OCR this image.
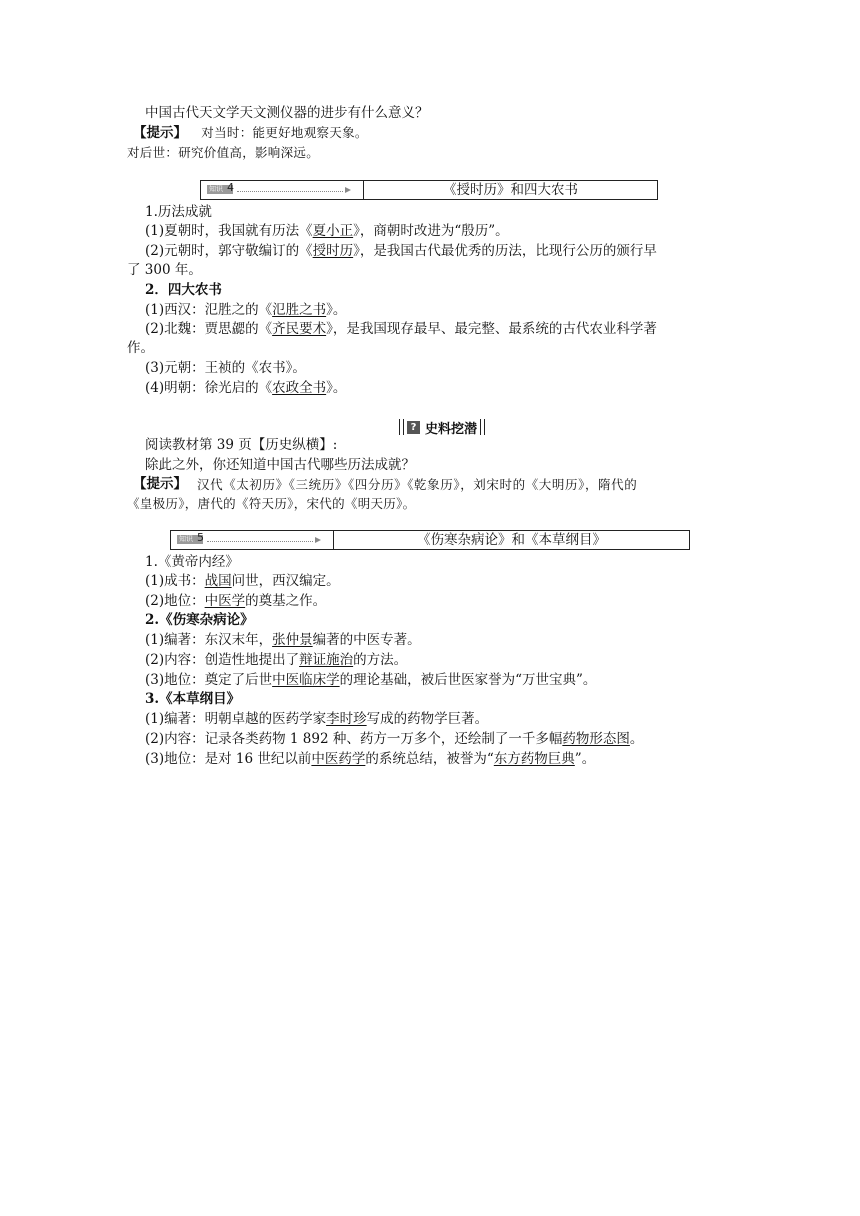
中国古代天文学天文测仪器的进步有什么意义？
【提示】 对当时：能更好地观察天象。
对后世：研究价值高，影响深远。
知识 4	《授时历》和四大农书
1.历法成就
(1)夏朝时，我国就有历法《夏小正》，商朝时改进为“殷历”。
(2)元朝时，郭守敬编订的《授时历》，是我国古代最优秀的历法，比现行公历的颁行早
了 300 年。
2．四大农书
(1)西汉：氾胜之的《氾胜之书》。
(2)北魏：贾思勰的《齐民要术》，是我国现存最早、最完整、最系统的古代农业科学著
作。
(3)元朝：王祯的《农书》。
(4)明朝：徐光启的《农政全书》。
? 史料挖潜
阅读教材第 39 页【历史纵横】:
除此之外，你还知道中国古代哪些历法成就？
【提示】 汉代《太初历》《三统历》《四分历》《乾象历》，刘宋时的《大明历》，隋代的
《皇极历》，唐代的《符天历》，宋代的《明天历》。
知识 5	《伤寒杂病论》和《本草纲目》
1.《黄帝内经》
(1)成书：战国问世，西汉编定。
(2)地位：中医学的奠基之作。
2.《伤寒杂病论》
(1)编著：东汉末年，张仲景编著的中医专著。
(2)内容：创造性地提出了辩证施治的方法。
(3)地位：奠定了后世中医临床学的理论基础，被后世医家誉为“万世宝典”。
3.《本草纲目》
(1)编著：明朝卓越的医药学家李时珍写成的药物学巨著。
(2)内容：记录各类药物 1 892 种、药方一万多个，还绘制了一千多幅药物形态图。
(3)地位：是对 16 世纪以前中医药学的系统总结，被誉为“东方药物巨典”。
